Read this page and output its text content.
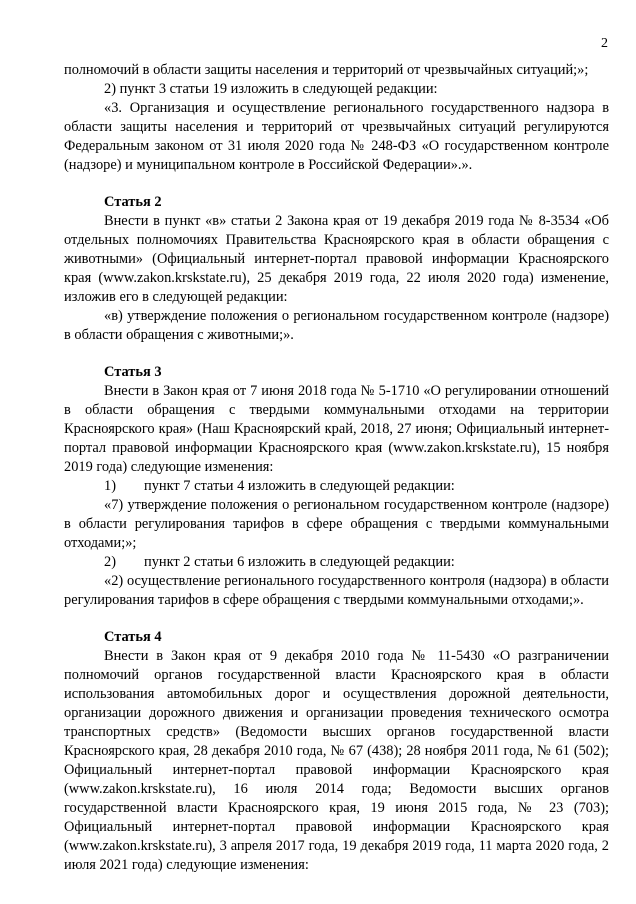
2

полномочий в области защиты населения и территорий от чрезвычайных ситуаций;»;

2) пункт 3 статьи 19 изложить в следующей редакции:

«3. Организация и осуществление регионального государственного надзора в области защиты населения и территорий от чрезвычайных ситуаций регулируются Федеральным законом от 31 июля 2020 года № 248-ФЗ «О государственном контроле (надзоре) и муниципальном контроле в Российской Федерации».».

Статья 2

Внести в пункт «в» статьи 2 Закона края от 19 декабря 2019 года № 8-3534 «Об отдельных полномочиях Правительства Красноярского края в области обращения с животными» (Официальный интернет-портал правовой информации Красноярского края (www.zakon.krskstate.ru), 25 декабря 2019 года, 22 июля 2020 года) изменение, изложив его в следующей редакции:

«в) утверждение положения о региональном государственном контроле (надзоре) в области обращения с животными;».

Статья 3

Внести в Закон края от 7 июня 2018 года № 5-1710 «О регулировании отношений в области обращения с твердыми коммунальными отходами на территории Красноярского края» (Наш Красноярский край, 2018, 27 июня; Официальный интернет-портал правовой информации Красноярского края (www.zakon.krskstate.ru), 15 ноября 2019 года) следующие изменения:

1) пункт 7 статьи 4 изложить в следующей редакции:

«7) утверждение положения о региональном государственном контроле (надзоре) в области регулирования тарифов в сфере обращения с твердыми коммунальными отходами;»;

2) пункт 2 статьи 6 изложить в следующей редакции:

«2) осуществление регионального государственного контроля (надзора) в области регулирования тарифов в сфере обращения с твердыми коммунальными отходами;».

Статья 4

Внести в Закон края от 9 декабря 2010 года № 11-5430 «О разграничении полномочий органов государственной власти Красноярского края в области использования автомобильных дорог и осуществления дорожной деятельности, организации дорожного движения и организации проведения технического осмотра транспортных средств» (Ведомости высших органов государственной власти Красноярского края, 28 декабря 2010 года, № 67 (438); 28 ноября 2011 года, № 61 (502); Официальный интернет-портал правовой информации Красноярского края (www.zakon.krskstate.ru), 16 июля 2014 года; Ведомости высших органов государственной власти Красноярского края, 19 июня 2015 года, № 23 (703); Официальный интернет-портал правовой информации Красноярского края (www.zakon.krskstate.ru), 3 апреля 2017 года, 19 декабря 2019 года, 11 марта 2020 года, 2 июля 2021 года) следующие изменения:
